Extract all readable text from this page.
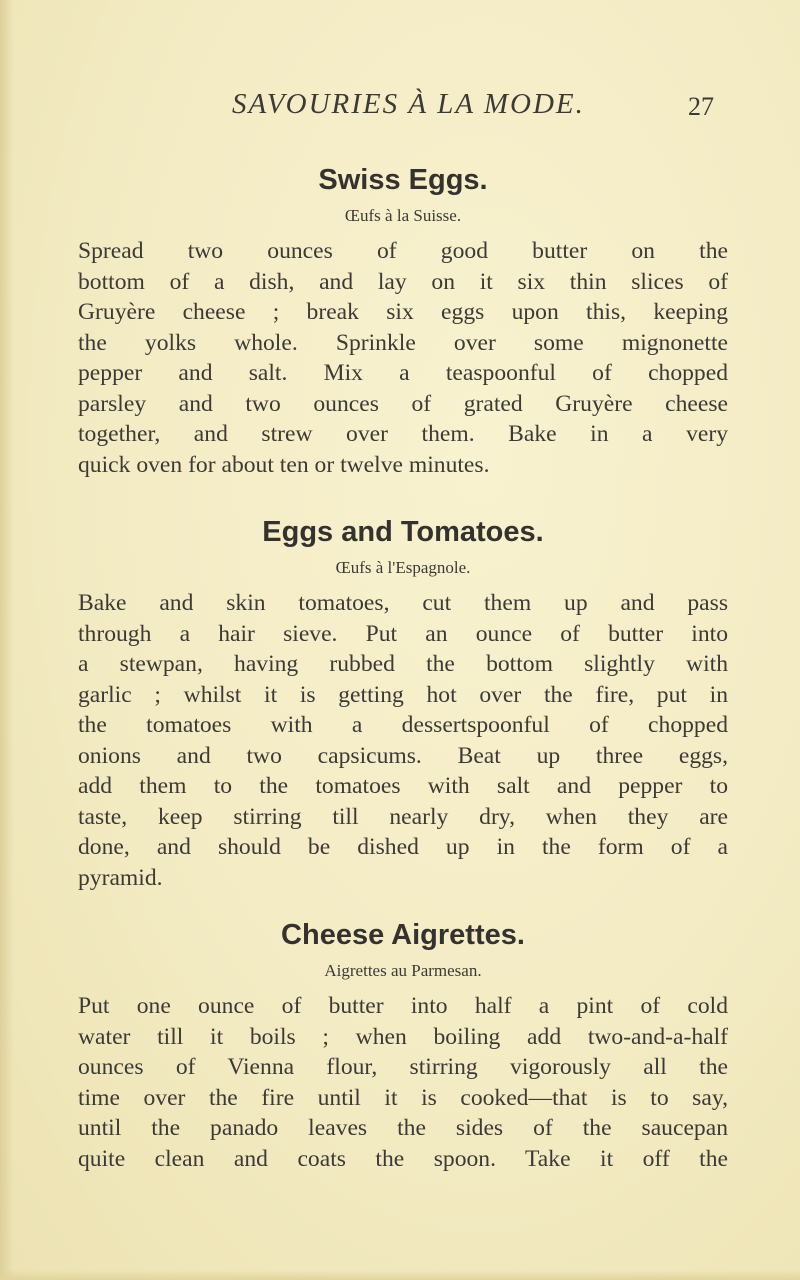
SAVOURIES À LA MODE.	27
Swiss Eggs.
Œufs à la Suisse.

Spread two ounces of good butter on the
bottom of a dish, and lay on it six thin slices of
Gruyère cheese ; break six eggs upon this, keeping
the yolks whole. Sprinkle over some mignonette
pepper and salt. Mix a teaspoonful of chopped
parsley and two ounces of grated Gruyère cheese
together, and strew over them. Bake in a very
quick oven for about ten or twelve minutes.

Eggs and Tomatoes.
Œufs à l'Espagnole.

Bake and skin tomatoes, cut them up and pass
through a hair sieve. Put an ounce of butter into
a stewpan, having rubbed the bottom slightly with
garlic ; whilst it is getting hot over the fire, put in
the tomatoes with a dessertspoonful of chopped
onions and two capsicums. Beat up three eggs,
add them to the tomatoes with salt and pepper to
taste, keep stirring till nearly dry, when they are
done, and should be dished up in the form of a
pyramid.

Cheese Aigrettes.
Aigrettes au Parmesan.

Put one ounce of butter into half a pint of cold
water till it boils ; when boiling add two-and-a-half
ounces of Vienna flour, stirring vigorously all the
time over the fire until it is cooked—that is to say,
until the panado leaves the sides of the saucepan
quite clean and coats the spoon. Take it off the
